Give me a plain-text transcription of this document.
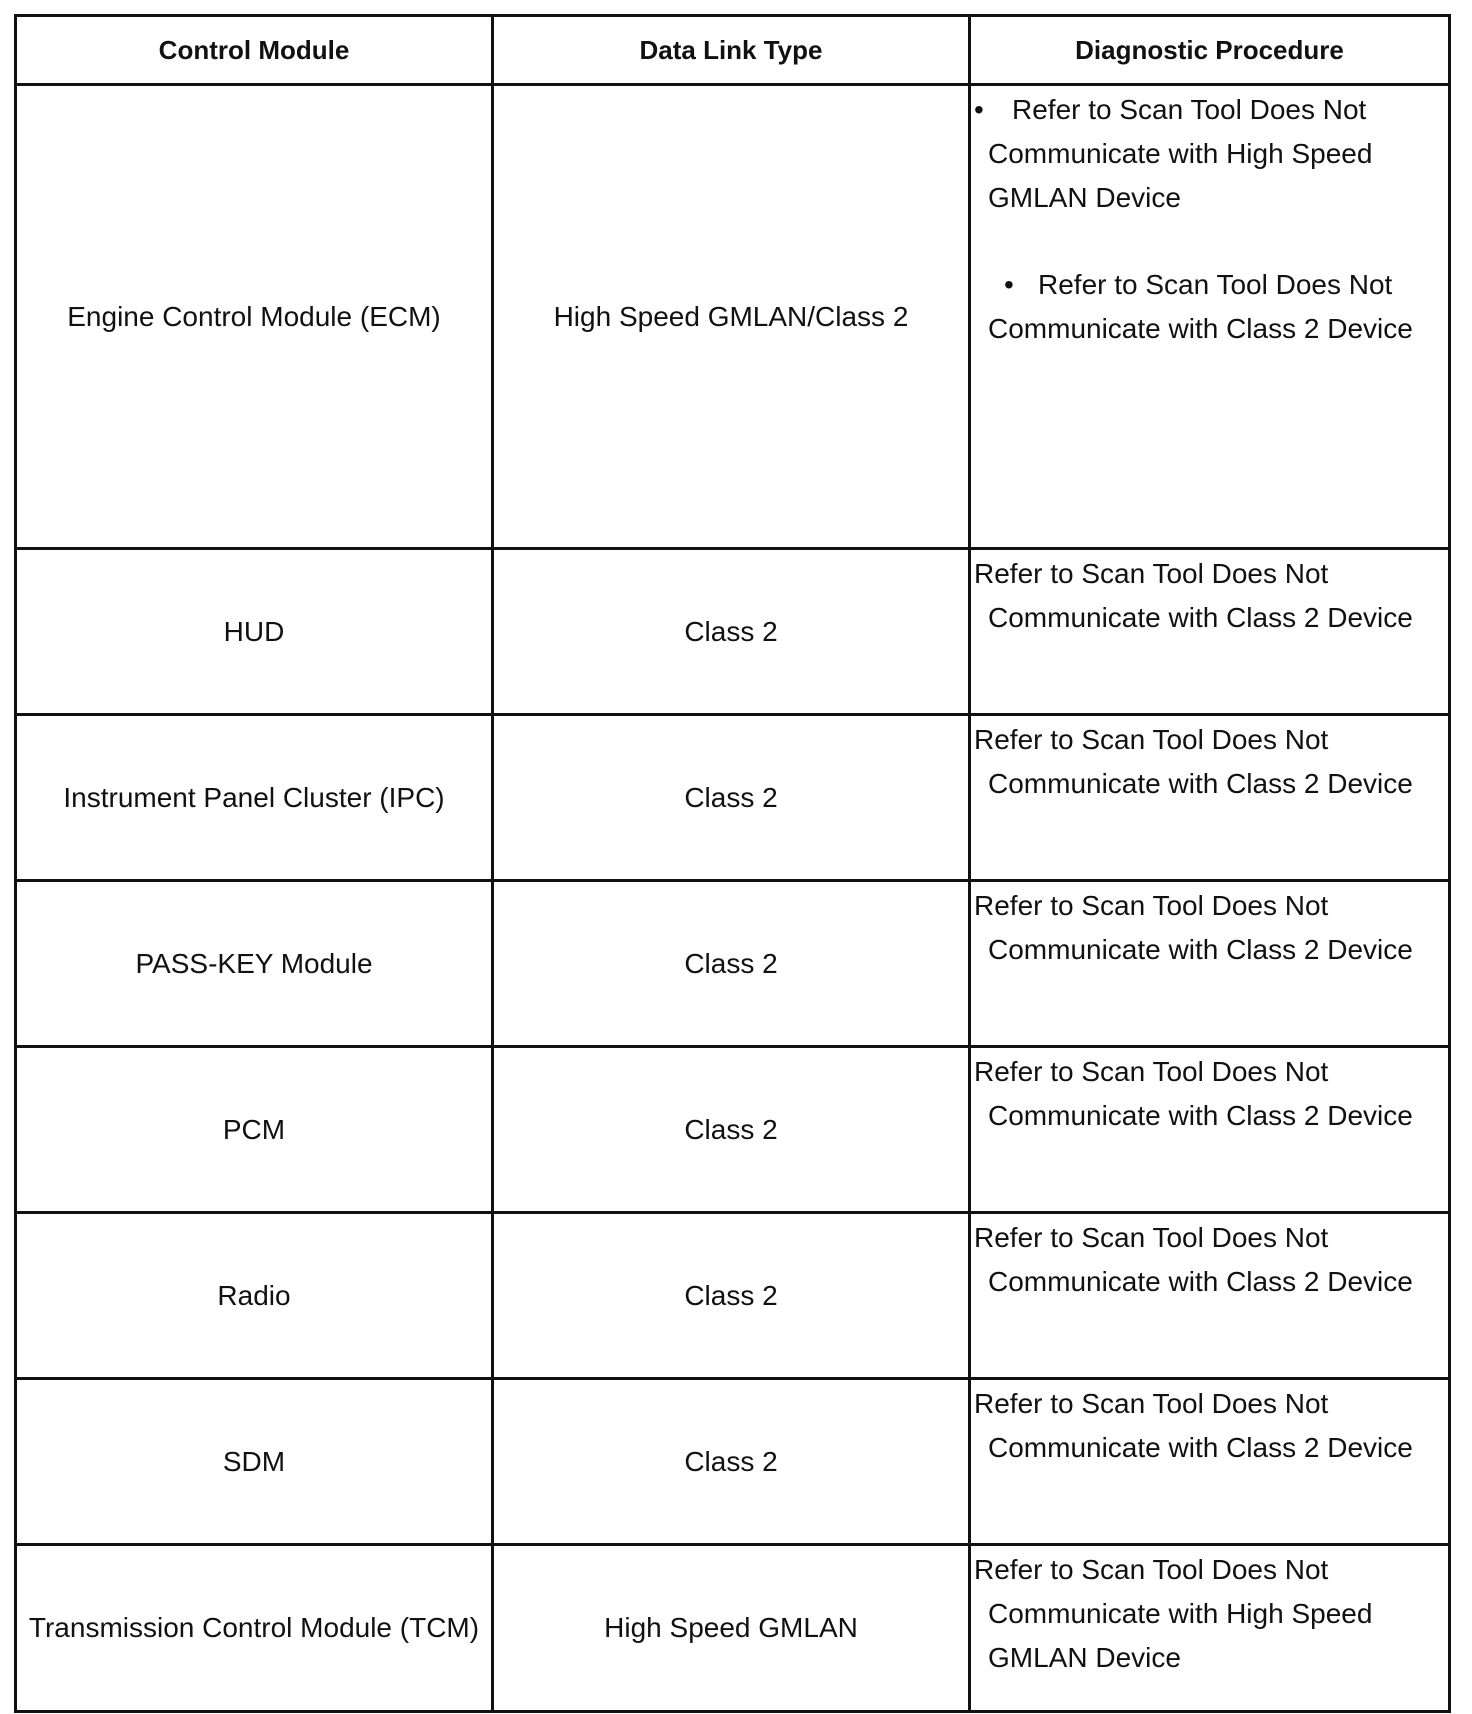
Control Module	Data Link Type	Diagnostic Procedure
Engine Control Module (ECM)	High Speed GMLAN/Class 2	• Refer to Scan Tool Does Not Communicate with High Speed GMLAN Device
• Refer to Scan Tool Does Not Communicate with Class 2 Device

HUD	Class 2	Refer to Scan Tool Does Not
Communicate with Class 2 Device

Instrument Panel Cluster (IPC)	Class 2	Refer to Scan Tool Does Not
Communicate with Class 2 Device

PASS-KEY Module	Class 2	Refer to Scan Tool Does Not
Communicate with Class 2 Device

PCM	Class 2	Refer to Scan Tool Does Not
Communicate with Class 2 Device

Radio	Class 2	Refer to Scan Tool Does Not
Communicate with Class 2 Device

SDM	Class 2	Refer to Scan Tool Does Not
Communicate with Class 2 Device

Transmission Control Module (TCM)	High Speed GMLAN	Refer to Scan Tool Does Not
Communicate with High Speed GMLAN Device
